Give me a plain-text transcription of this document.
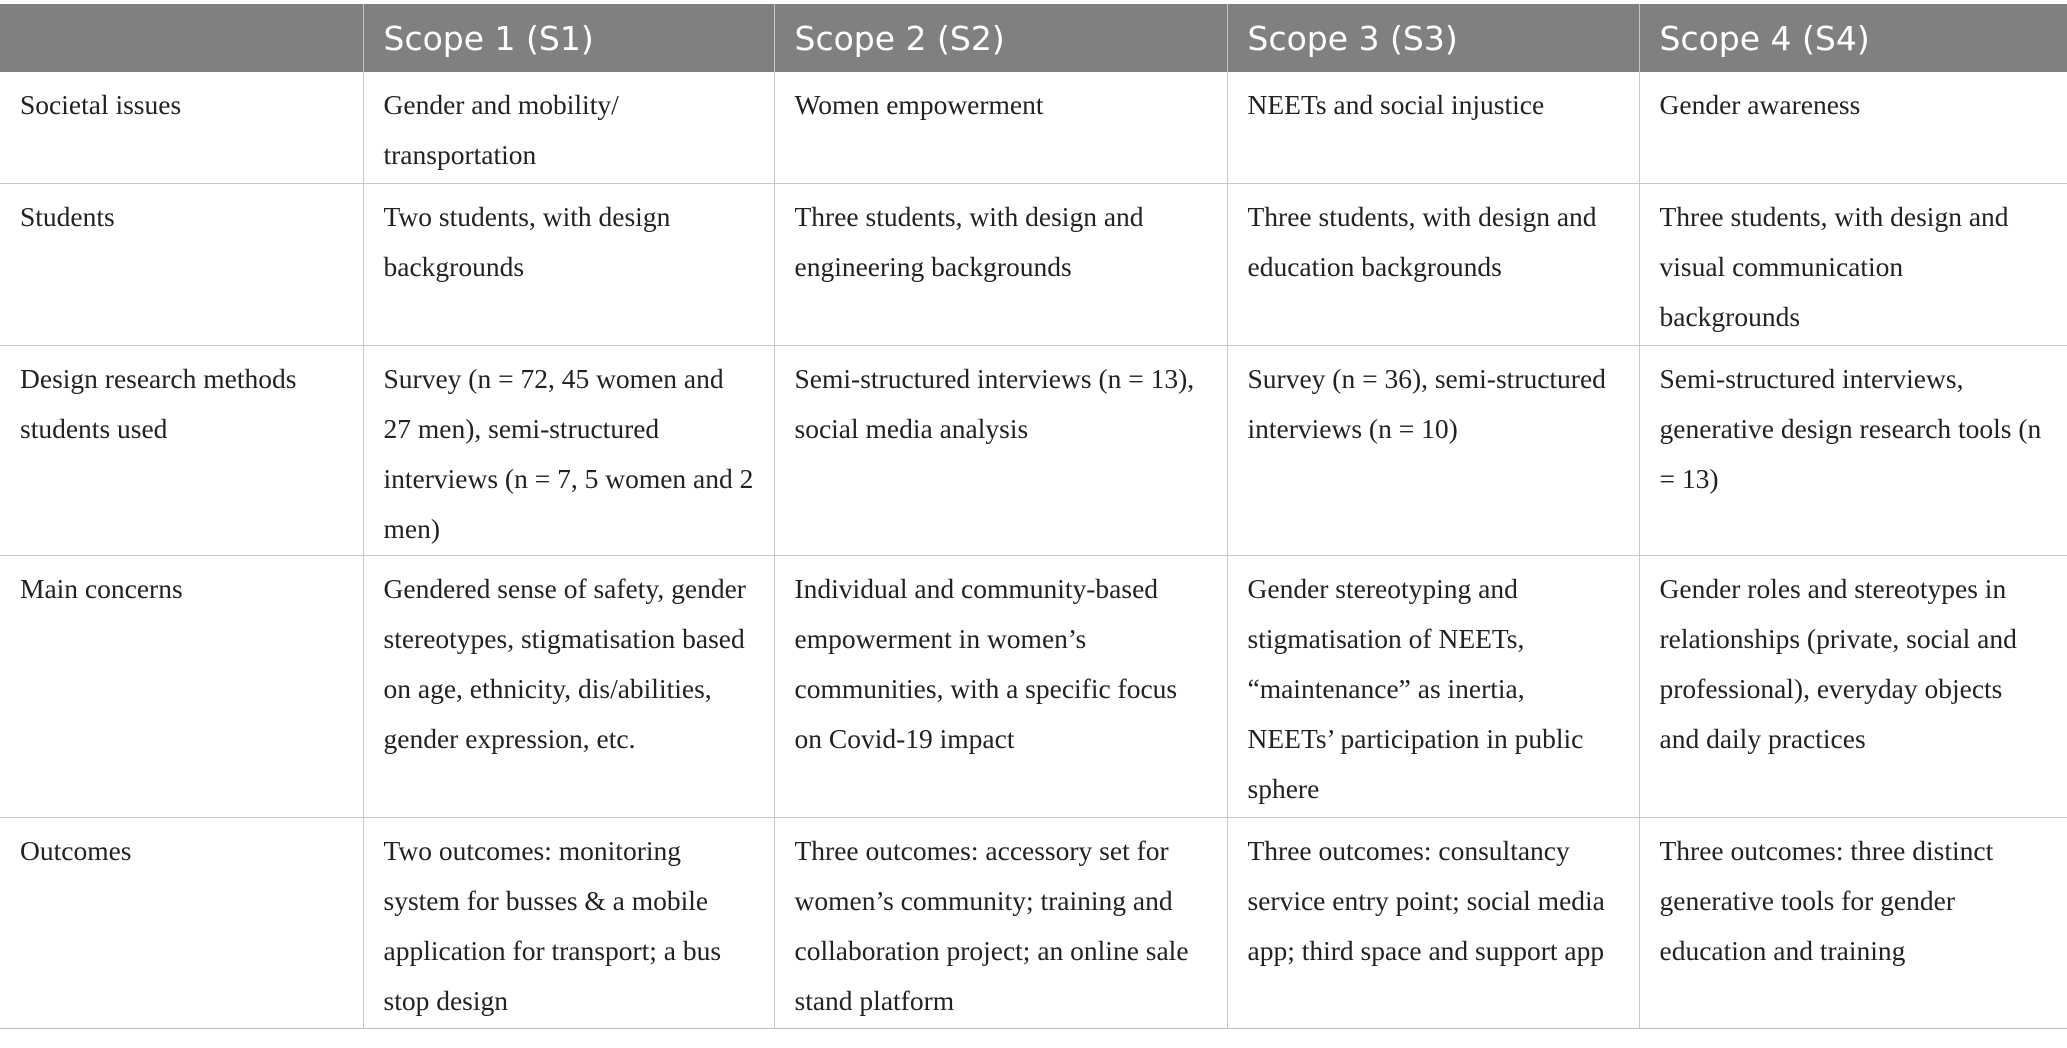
	Scope 1 (S1)	Scope 2 (S2)	Scope 3 (S3)	Scope 4 (S4)
Societal issues	Gender and mobility/ transportation	Women empowerment	NEETs and social injustice	Gender awareness
Students	Two students, with design backgrounds	Three students, with design and engineering backgrounds	Three students, with design and education backgrounds	Three students, with design and visual communication backgrounds
Design research methods students used	Survey (n = 72, 45 women and 27 men), semi-structured interviews (n = 7, 5 women and 2 men)	Semi-structured interviews (n = 13), social media analysis	Survey (n = 36), semi-structured interviews (n = 10)	Semi-structured interviews, generative design research tools (n = 13)
Main concerns	Gendered sense of safety, gender stereotypes, stigmatisation based on age, ethnicity, dis/abilities, gender expression, etc.	Individual and community-based empowerment in women’s communities, with a specific focus on Covid-19 impact	Gender stereotyping and stigmatisation of NEETs, “maintenance” as inertia, NEETs’ participation in public sphere	Gender roles and stereotypes in relationships (private, social and professional), everyday objects and daily practices
Outcomes	Two outcomes: monitoring system for busses & a mobile application for transport; a bus stop design	Three outcomes: accessory set for women’s community; training and collaboration project; an online sale stand platform	Three outcomes: consultancy service entry point; social media app; third space and support app	Three outcomes: three distinct generative tools for gender education and training
